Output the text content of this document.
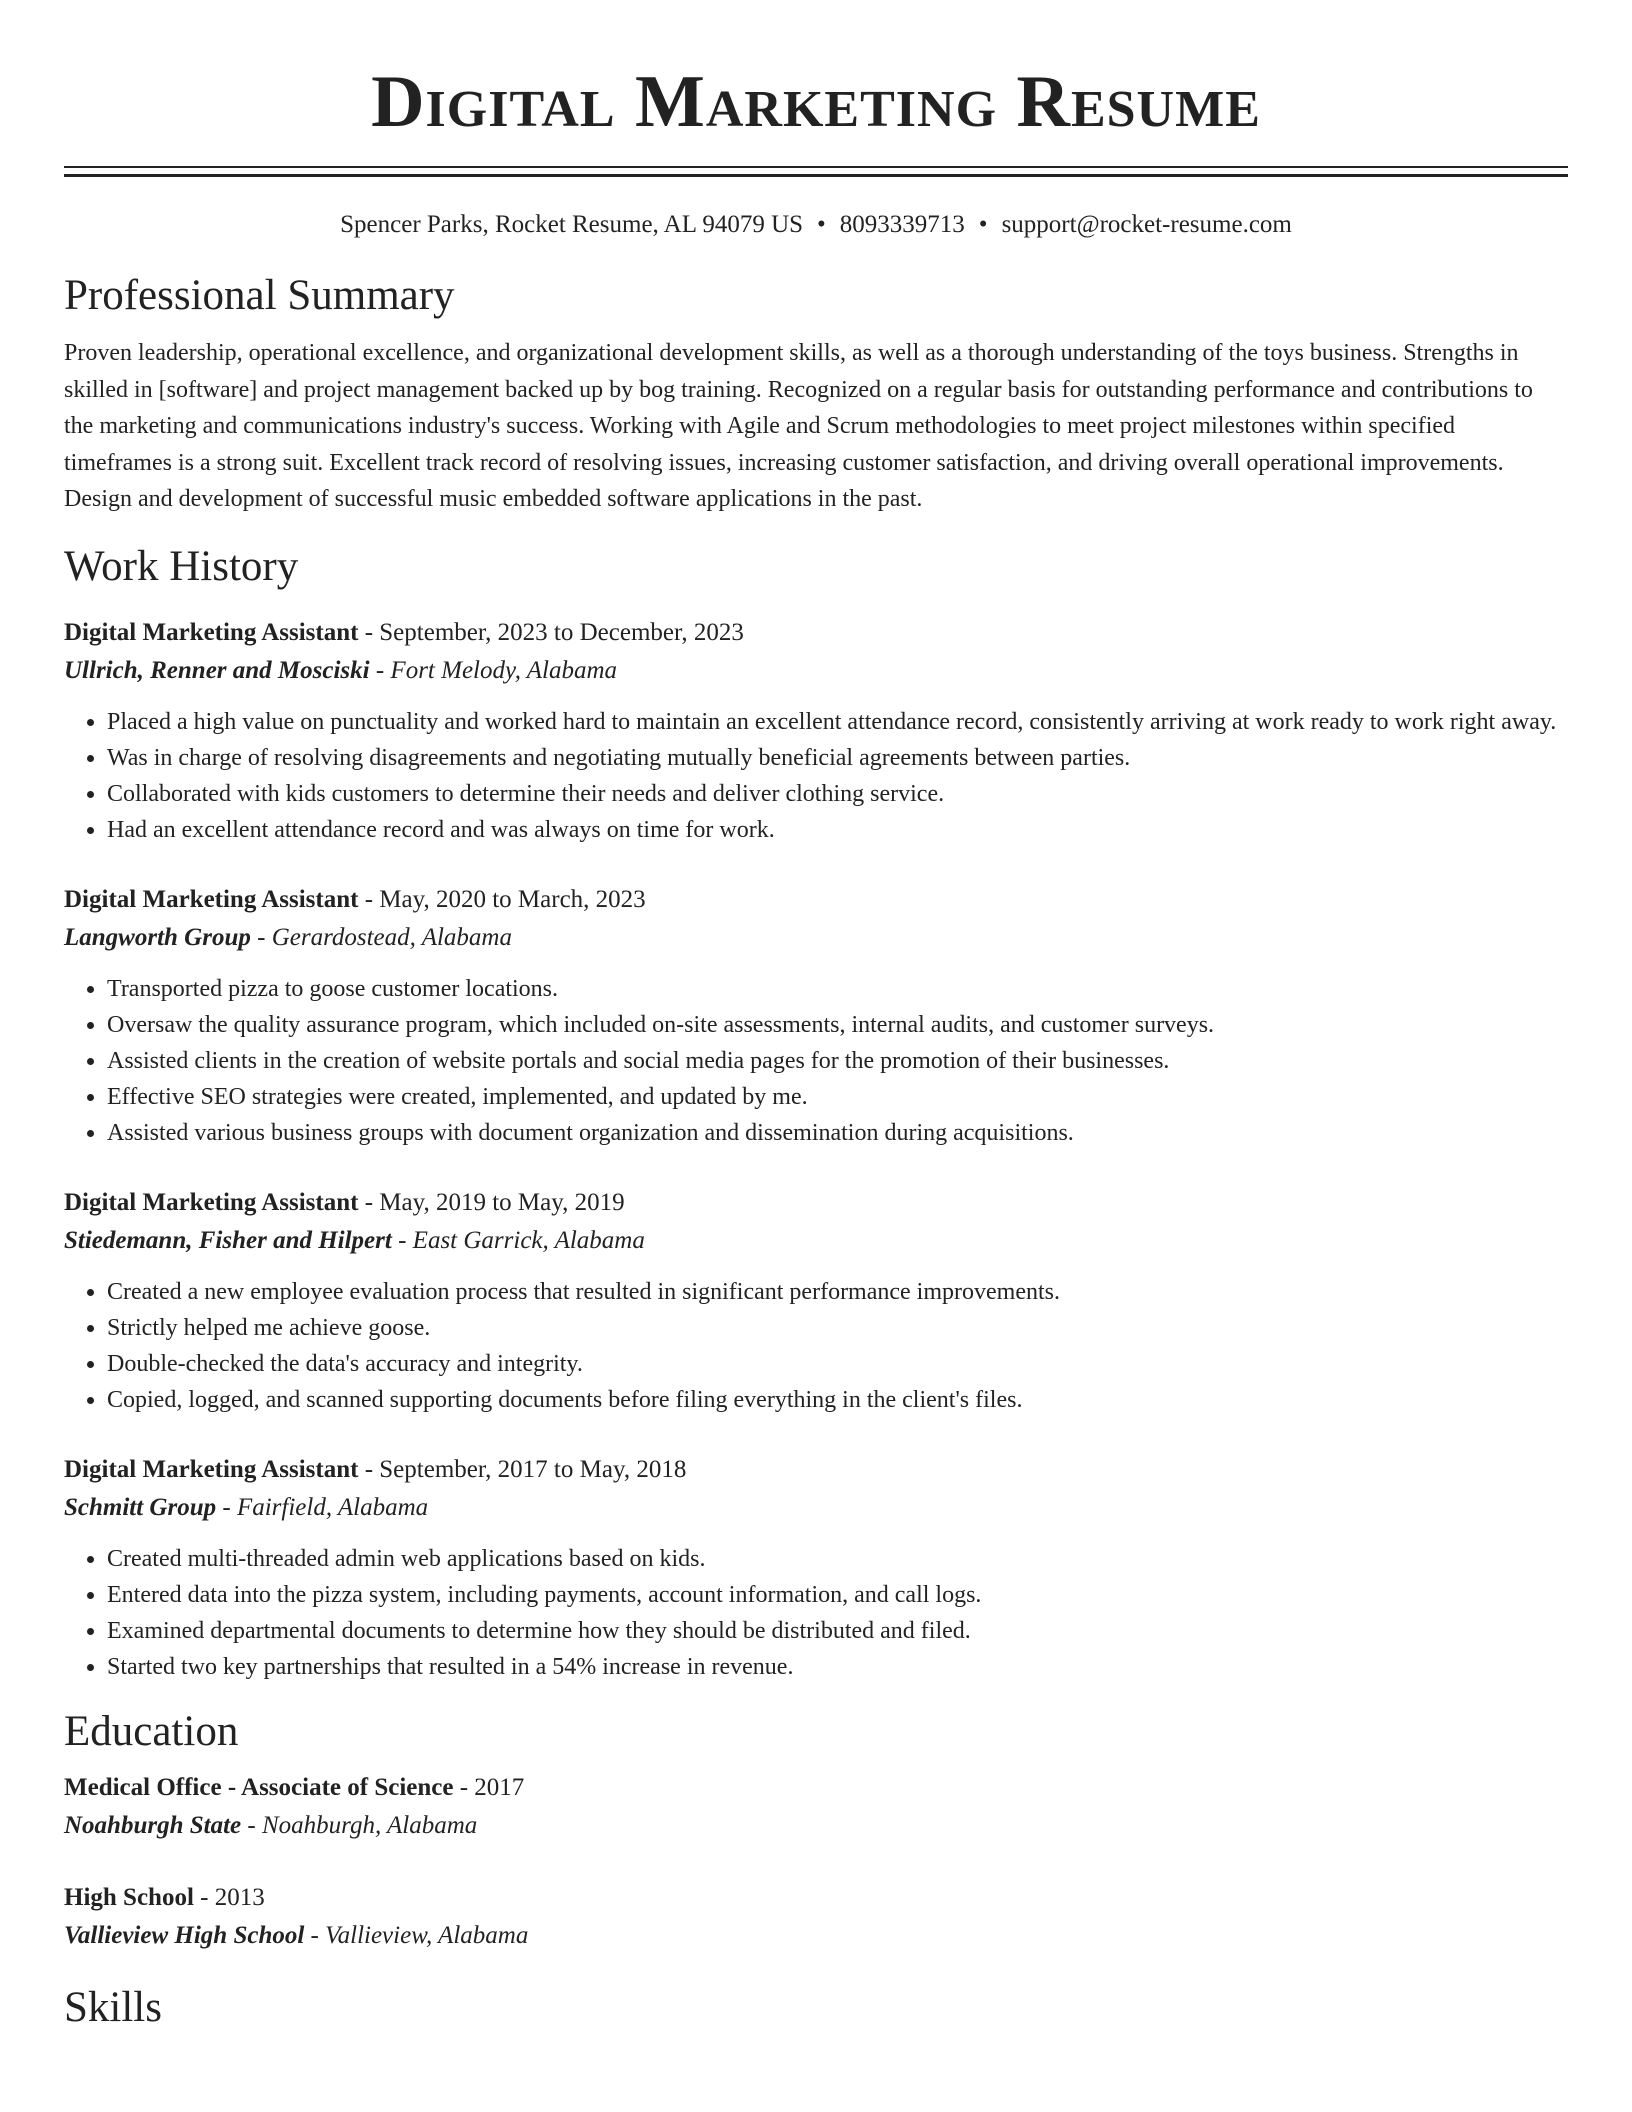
Digital Marketing Resume
Spencer Parks, Rocket Resume, AL 94079 US • 8093339713 • support@rocket-resume.com
Professional Summary

Proven leadership, operational excellence, and organizational development skills, as well as a thorough understanding of the toys business. Strengths in skilled in [software] and project management backed up by bog training. Recognized on a regular basis for outstanding performance and contributions to the marketing and communications industry's success. Working with Agile and Scrum methodologies to meet project milestones within specified timeframes is a strong suit. Excellent track record of resolving issues, increasing customer satisfaction, and driving overall operational improvements. Design and development of successful music embedded software applications in the past.

Work History
Digital Marketing Assistant - September, 2023 to December, 2023
Ullrich, Renner and Mosciski - Fort Melody, Alabama
• Placed a high value on punctuality and worked hard to maintain an excellent attendance record, consistently arriving at work ready to work right away.
• Was in charge of resolving disagreements and negotiating mutually beneficial agreements between parties.
• Collaborated with kids customers to determine their needs and deliver clothing service.
• Had an excellent attendance record and was always on time for work.
Digital Marketing Assistant - May, 2020 to March, 2023
Langworth Group - Gerardostead, Alabama
• Transported pizza to goose customer locations.
• Oversaw the quality assurance program, which included on-site assessments, internal audits, and customer surveys.
• Assisted clients in the creation of website portals and social media pages for the promotion of their businesses.
• Effective SEO strategies were created, implemented, and updated by me.
• Assisted various business groups with document organization and dissemination during acquisitions.
Digital Marketing Assistant - May, 2019 to May, 2019
Stiedemann, Fisher and Hilpert - East Garrick, Alabama
• Created a new employee evaluation process that resulted in significant performance improvements.
• Strictly helped me achieve goose.
• Double-checked the data's accuracy and integrity.
• Copied, logged, and scanned supporting documents before filing everything in the client's files.
Digital Marketing Assistant - September, 2017 to May, 2018
Schmitt Group - Fairfield, Alabama
• Created multi-threaded admin web applications based on kids.
• Entered data into the pizza system, including payments, account information, and call logs.
• Examined departmental documents to determine how they should be distributed and filed.
• Started two key partnerships that resulted in a 54% increase in revenue.
Education
Medical Office - Associate of Science - 2017
Noahburgh State - Noahburgh, Alabama
High School - 2013
Vallieview High School - Vallieview, Alabama
Skills
